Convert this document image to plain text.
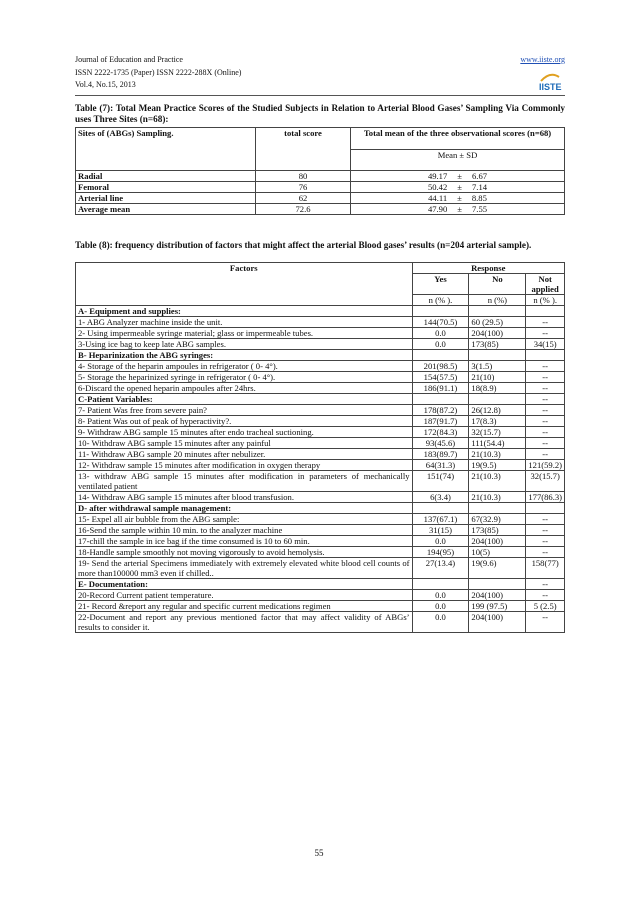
Journal of Education and Practice
ISSN 2222-1735 (Paper) ISSN 2222-288X (Online)
Vol.4, No.15, 2013
www.iiste.org
IISTE
Table (7): Total Mean Practice Scores of the Studied Subjects in Relation to Arterial Blood Gases’ Sampling Via Commonly uses Three Sites (n=68):
Sites of (ABGs) Sampling.	total score	Total mean of the three observational scores (n=68)
		Mean ± SD
Radial	80	49.17 ± 6.67
Femoral	76	50.42 ± 7.14
Arterial line	62	44.11 ± 8.85
Average mean	72.6	47.90 ± 7.55
Table (8): frequency distribution of factors that might affect the arterial Blood gases’ results (n=204 arterial sample).
Factors	Response		
	Yes	No	Not applied
	n (% ).	n (%)	n (% ).
A- Equipment and supplies:			
1- ABG Analyzer machine inside the unit.	144(70.5)	60 (29.5)	--
2- Using impermeable syringe material; glass or impermeable tubes.	0.0	204(100)	--
3-Using ice bag to keep late ABG samples.	0.0	173(85)	34(15)
B- Heparinization the ABG syringes:			
4- Storage of the heparin ampoules in refrigerator ( 0- 4°).	201(98.5)	3(1.5)	--
5- Storage the heparinized syringe in refrigerator ( 0- 4°).	154(57.5)	21(10)	--
6-Discard the opened heparin ampoules after 24hrs.	186(91.1)	18(8.9)	--
C-Patient Variables:			--
7- Patient Was free from severe pain?	178(87.2)	26(12.8)	--
8- Patient Was out of peak of hyperactivity?.	187(91.7)	17(8.3)	--
9- Withdraw ABG sample 15 minutes after endo tracheal suctioning.	172(84.3)	32(15.7)	--
10- Withdraw ABG sample 15 minutes after any painful	93(45.6)	111(54.4)	--
11- Withdraw ABG sample 20 minutes after nebulizer.	183(89.7)	21(10.3)	--
12- Withdraw sample 15 minutes after modification in oxygen therapy	64(31.3)	19(9.5)	121(59.2)
13- withdraw ABG sample 15 minutes after modification in parameters of mechanically ventilated patient	151(74)	21(10.3)	32(15.7)
14- Withdraw ABG sample 15 minutes after blood transfusion.	6(3.4)	21(10.3)	177(86.3)
D- after withdrawal sample management:			
15- Expel all air bubble from the ABG sample:	137(67.1)	67(32.9)	--
16-Send the sample within 10 min. to the analyzer machine	31(15)	173(85)	--
17-chill the sample in ice bag if the time consumed is 10 to 60 min.	0.0	204(100)	--
18-Handle sample smoothly not moving vigorously to avoid hemolysis.	194(95)	10(5)	--
19- Send the arterial Specimens immediately with extremely elevated white blood cell counts of more than100000 mm3 even if chilled..	27(13.4)	19(9.6)	158(77)
E- Documentation:			--
20-Record Current patient temperature.	0.0	204(100)	--
21- Record &report any regular and specific current medications regimen	0.0	199 (97.5)	5 (2.5)
22-Document and report any previous mentioned factor that may affect validity of ABGs’ results to consider it.	0.0	204(100)	--
55
